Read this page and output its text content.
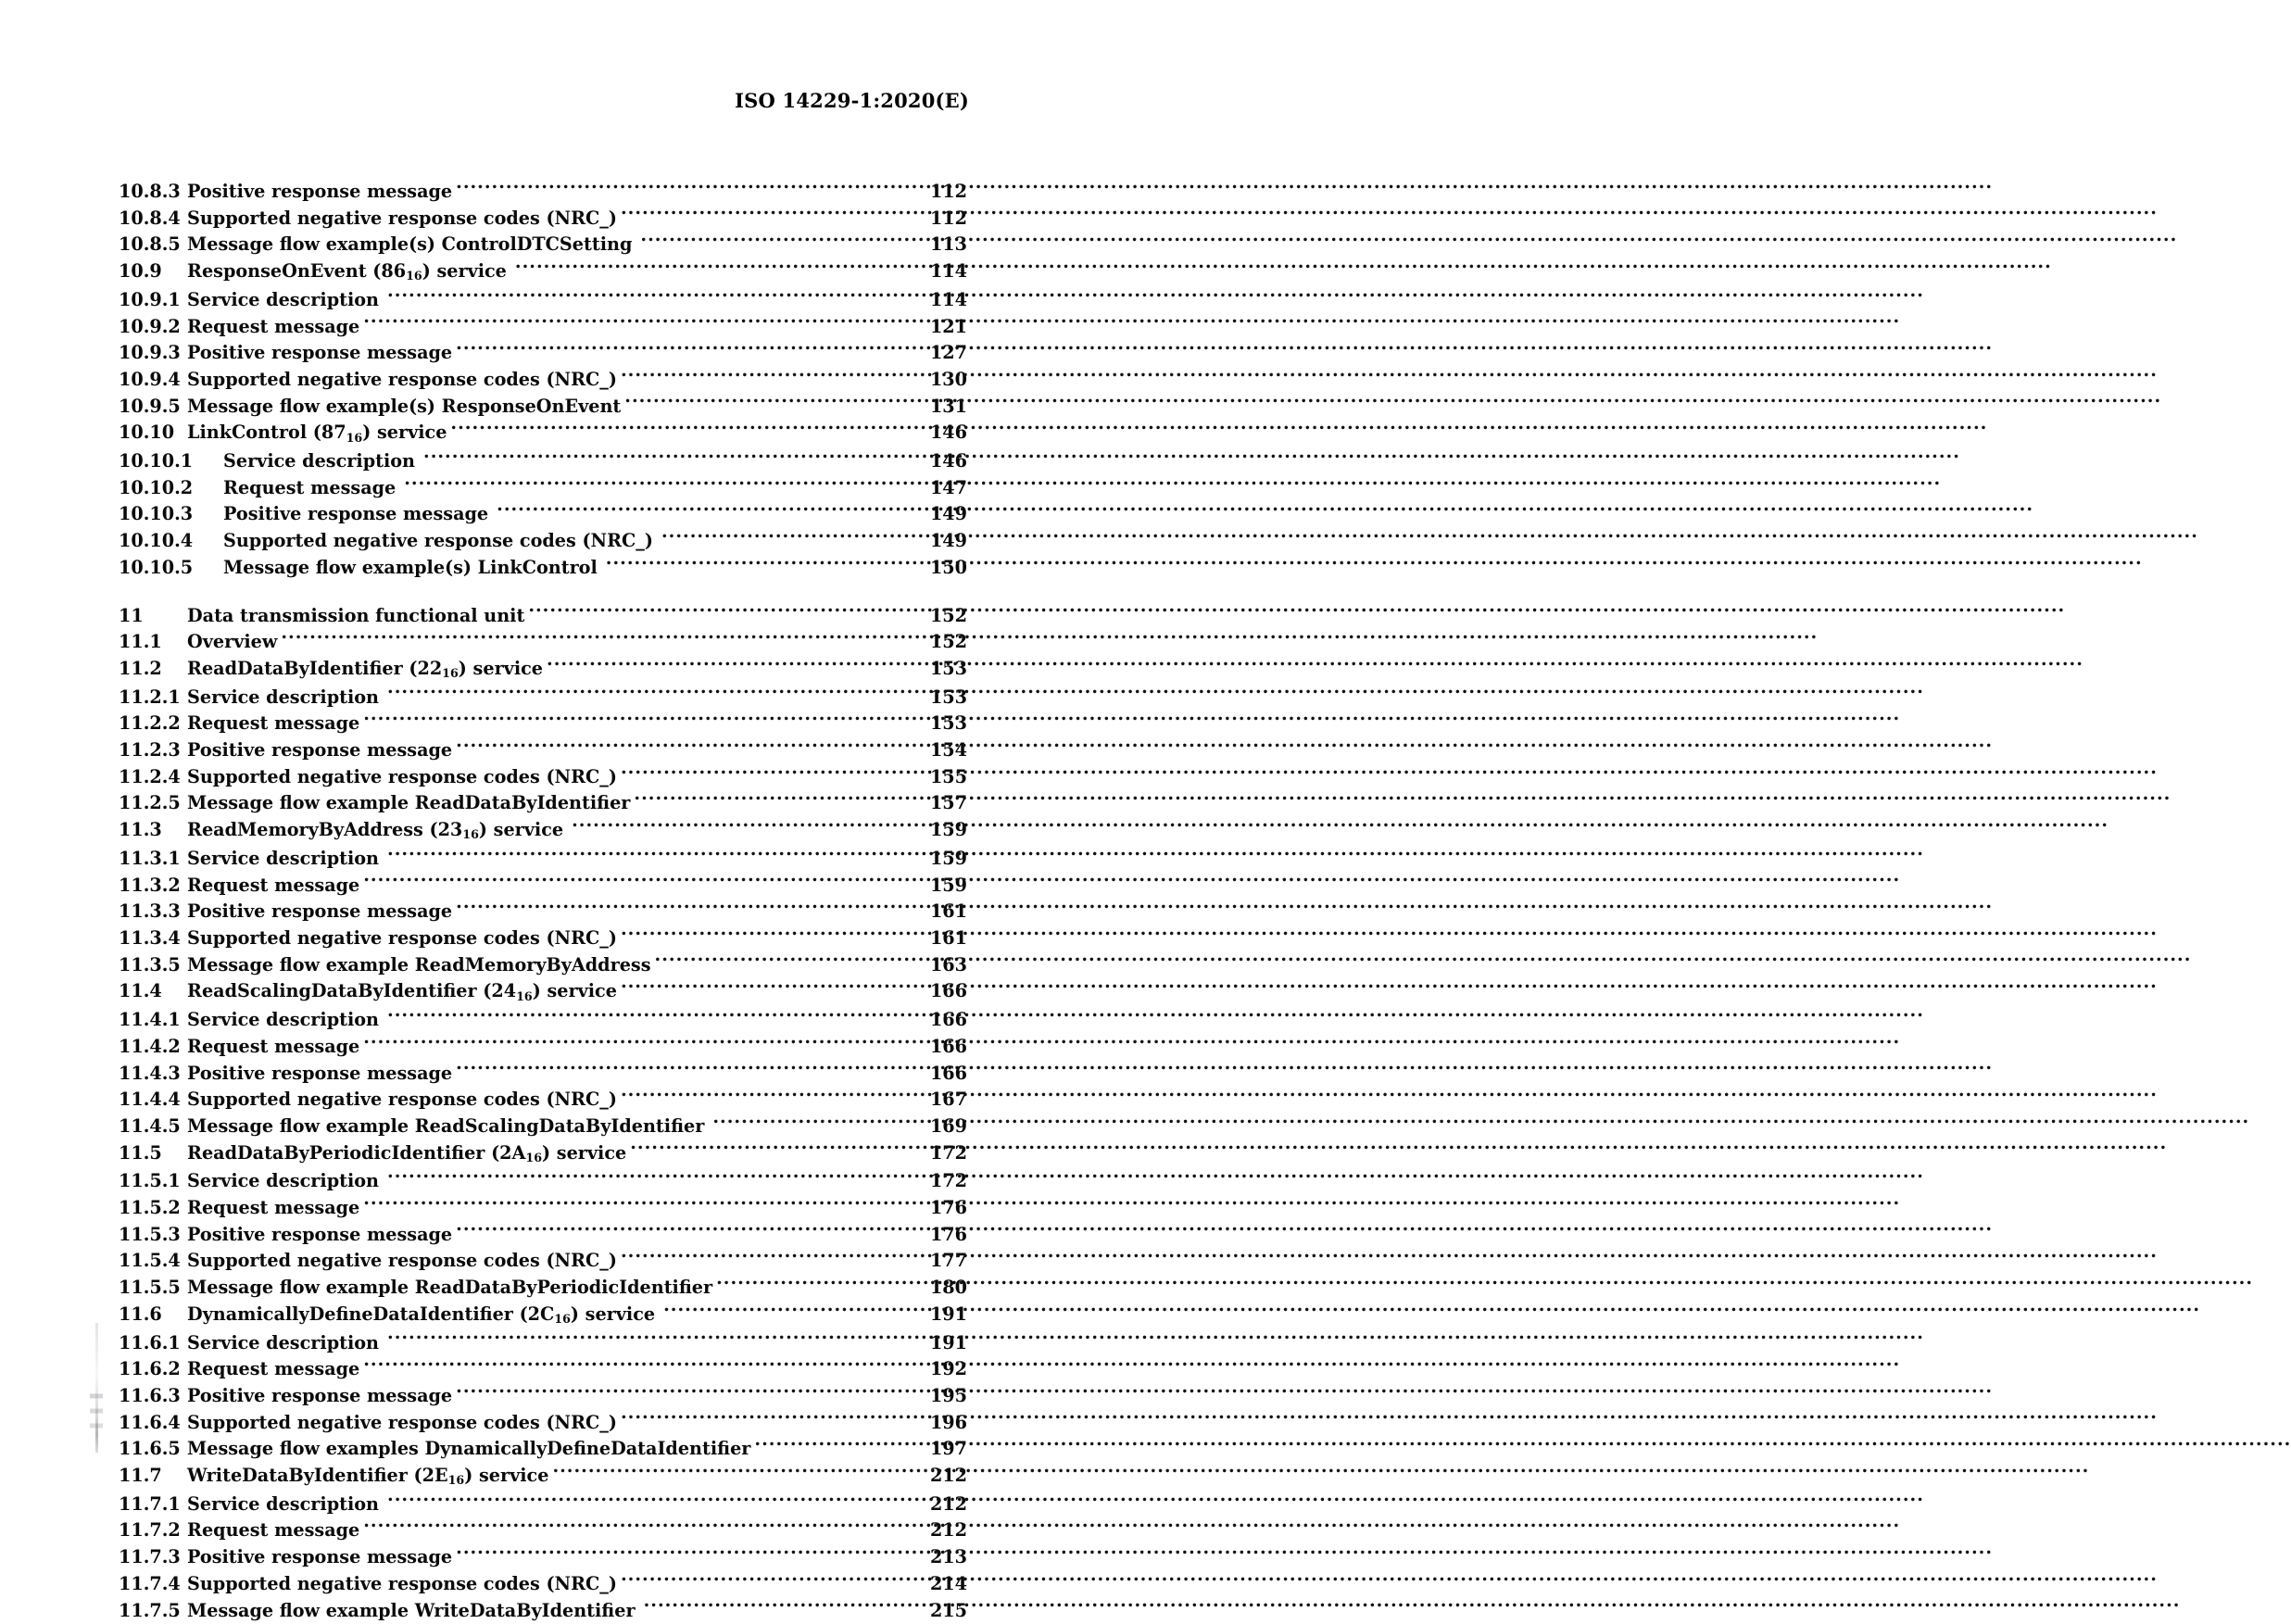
ISO 14229-1:2020(E)
10.8.3 Positive response message .....	112
10.8.4 Supported negative response codes (NRC_) .....	112
10.8.5 Message flow example(s) ControlDTCSetting .....	113
10.9	ResponseOnEvent $(86_{16})$ service .....	114
10.9.1 Service description .....	114
10.9.2 Request message .....	121
10.9.3 Positive response message .....	127
10.9.4 Supported negative response codes (NRC_) .....	130
10.9.5 Message flow example(s) ResponseOnEvent .....	131
10.10 LinkControl $(87_{16})$ service .....	146
10.10.1	Service description .....	146
10.10.2	Request message .....	147
10.10.3	Positive response message .....	149
10.10.4	Supported negative response codes (NRC_) .....	149
10.10.5	Message flow example(s) LinkControl .....	150
11	Data transmission functional unit .....	152
11.1	Overview .....	152
11.2	ReadDataByIdentifier $(22_{16})$ service .....	153
11.2.1 Service description .....	153
11.2.2 Request message .....	153
11.2.3 Positive response message .....	154
11.2.4 Supported negative response codes (NRC_) .....	155
11.2.5 Message flow example ReadDataByIdentifier .....	157
11.3	ReadMemoryByAddress $(23_{16})$ service .....	159
11.3.1 Service description .....	159
11.3.2 Request message .....	159
11.3.3 Positive response message .....	161
11.3.4 Supported negative response codes (NRC_) .....	161
11.3.5 Message flow example ReadMemoryByAddress .....	163
11.4	ReadScalingDataByIdentifier $(24_{16})$ service .....	166
11.4.1 Service description .....	166
11.4.2 Request message .....	166
11.4.3 Positive response message .....	166
11.4.4 Supported negative response codes (NRC_) .....	167
11.4.5 Message flow example ReadScalingDataByIdentifier .....	169
11.5	ReadDataByPeriodicIdentifier $(2A_{16})$ service .....	172
11.5.1 Service description .....	172
11.5.2 Request message .....	176
11.5.3 Positive response message .....	176
11.5.4 Supported negative response codes (NRC_) .....	177
11.5.5 Message flow example ReadDataByPeriodicIdentifier .....	180
11.6	DynamicallyDefineDataIdentifier $(2C_{16})$ service .....	191
11.6.1 Service description .....	191
11.6.2 Request message .....	192
11.6.3 Positive response message .....	195
11.6.4 Supported negative response codes (NRC_) .....	196
11.6.5 Message flow examples DynamicallyDefineDataIdentifier .....	197
11.7	WriteDataByIdentifier $(2E_{16})$ service .....	212
11.7.1 Service description .....	212
11.7.2 Request message .....	212
11.7.3 Positive response message .....	213
11.7.4 Supported negative response codes (NRC_) .....	214
11.7.5 Message flow example WriteDataByIdentifier .....	215
